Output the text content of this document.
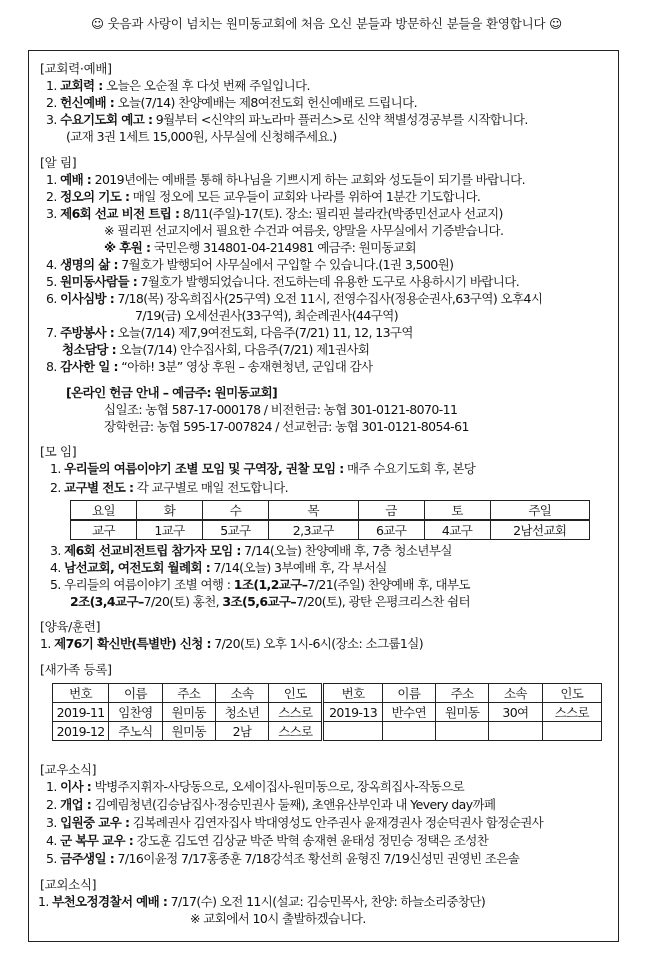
☺ 웃음과 사랑이 넘치는 원미동교회에 처음 오신 분들과 방문하신 분들을 환영합니다 ☺
[교회력·예배]
1. 교회력 : 오늘은 오순절 후 다섯 번째 주일입니다.
2. 헌신예배 : 오늘(7/14) 찬양예배는 제8여전도회 헌신예배로 드립니다.
3. 수요기도회 예고 : 9월부터 <신약의 파노라마 플러스>로 신약 책별성경공부를 시작합니다.
(교재 3권 1세트 15,000원, 사무실에 신청해주세요.)
[알 림]
1. 예배 : 2019년에는 예배를 통해 하나님을 기쁘시게 하는 교회와 성도들이 되기를 바랍니다.
2. 정오의 기도 : 매일 정오에 모든 교우들이 교회와 나라를 위하여 1분간 기도합니다.
3. 제6회 선교 비전 트립 : 8/11(주일)-17(토). 장소: 필리핀 블라칸(박종민선교사 선교지)
※ 필리핀 선교지에서 필요한 수건과 여름옷, 양말을 사무실에서 기증받습니다.
※ 후원 : 국민은행 314801-04-214981 예금주: 원미동교회
4. 생명의 삶 : 7월호가 발행되어 사무실에서 구입할 수 있습니다.(1권 3,500원)
5. 원미동사람들 : 7월호가 발행되었습니다. 전도하는데 유용한 도구로 사용하시기 바랍니다.
6. 이사심방 : 7/18(목) 장옥희집사(25구역) 오전 11시, 전영수집사(정용순권사,63구역) 오후4시
7/19(금) 오세선권사(33구역), 최순례권사(44구역)
7. 주방봉사 : 오늘(7/14) 제7,9여전도회, 다음주(7/21) 11, 12, 13구역
청소담당 : 오늘(7/14) 안수집사회, 다음주(7/21) 제1권사회
8. 감사한 일 : “아하! 3분” 영상 후원 – 송재현청년, 군입대 감사
[온라인 헌금 안내 – 예금주: 원미동교회]
십일조: 농협 587-17-000178 / 비전헌금: 농협 301-0121-8070-11
장학헌금: 농협 595-17-007824 / 선교헌금: 농협 301-0121-8054-61
[모 임]
1. 우리들의 여름이야기 조별 모임 및 구역장, 권찰 모임 : 매주 수요기도회 후, 본당
2. 교구별 전도 : 각 교구별로 매일 전도합니다.
요일	화	수	목	금	토	주일
교구	1교구	5교구	2,3교구	6교구	4교구	2남선교회
3. 제6회 선교비전트립 참가자 모임 : 7/14(오늘) 찬양예배 후, 7층 청소년부실
4. 남선교회, 여전도회 월례회 : 7/14(오늘) 3부예배 후, 각 부서실
5. 우리들의 여름이야기 조별 여행 : 1조(1,2교구–7/21(주일) 찬양예배 후, 대부도
2조(3,4교구–7/20(토) 홍천, 3조(5,6교구–7/20(토), 광탄 은평크리스찬 쉼터
[양육/훈련]
1. 제76기 확신반(특별반) 신청 : 7/20(토) 오후 1시-6시(장소: 소그룹1실)
[새가족 등록]
번호	이름	주소	소속	인도	번호	이름	주소	소속	인도
2019-11	임찬영	원미동	청소년	스스로	2019-13	반수연	원미동	30여	스스로
2019-12	주노식	원미동	2남	스스로					
[교우소식]
1. 이사 : 박병주지휘자-사당동으로, 오세이집사-원미동으로, 장옥희집사-작동으로
2. 개업 : 김예림청년(김승남집사·정승민권사 둘째), 초앤유산부인과 내 Yevery day까페
3. 입원중 교우 : 김복례권사 김연자집사 박대영성도 안주권사 윤재경권사 정순덕권사 함정순권사
4. 군 복무 교우 : 강도훈 김도연 김상균 박준 박혁 송재현 윤태성 정민승 정택은 조성찬
5. 금주생일 : 7/16이윤정 7/17홍종훈 7/18강석조 황선희 윤형진 7/19신성민 권영빈 조은솔
[교외소식]
1. 부천오정경찰서 예배 : 7/17(수) 오전 11시(설교: 김승민목사, 찬양: 하늘소리중창단)
※ 교회에서 10시 출발하겠습니다.
